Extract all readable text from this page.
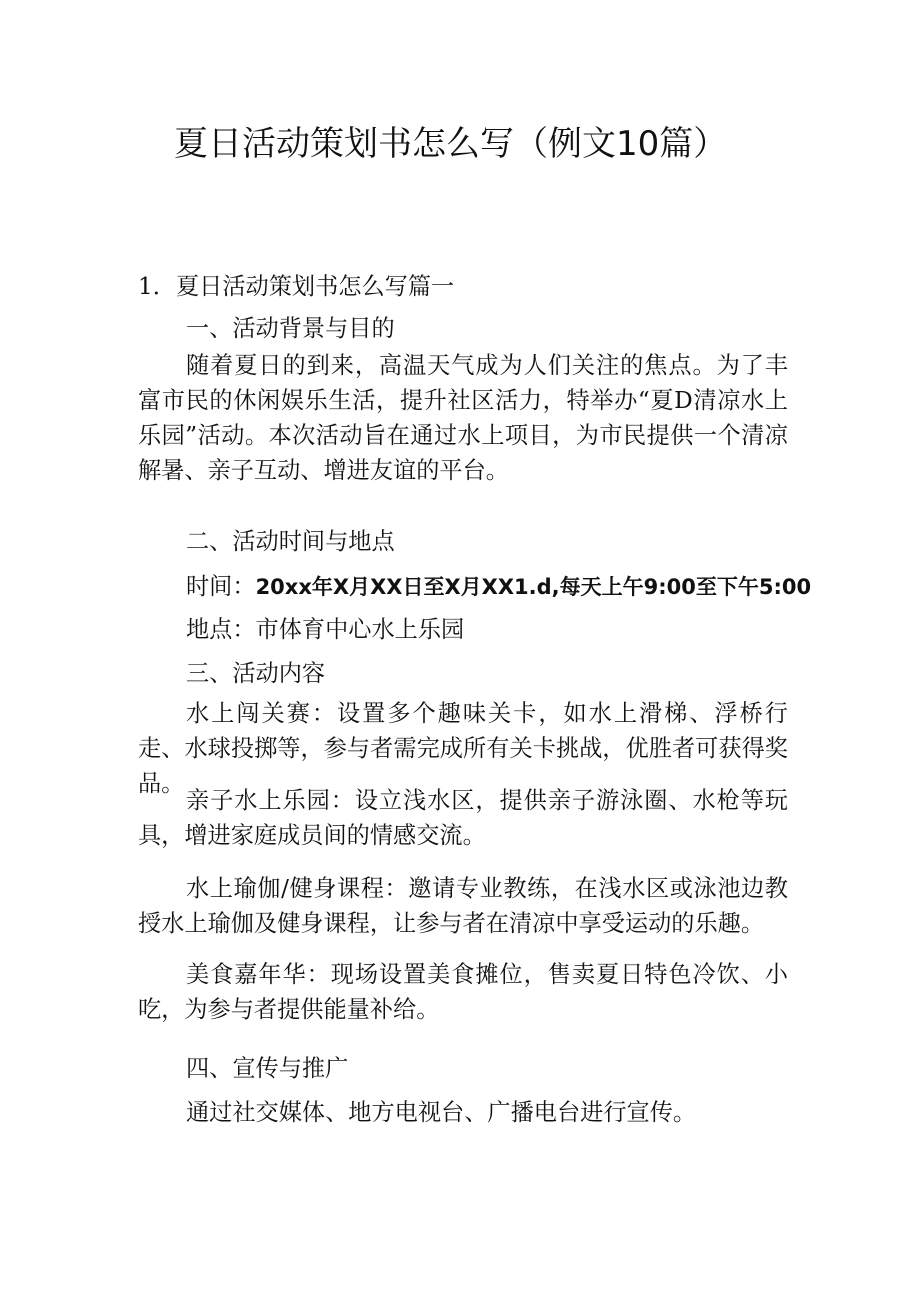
夏日活动策划书怎么写（例文10篇）
1．夏日活动策划书怎么写篇一
一、活动背景与目的
随着夏日的到来，高温天气成为人们关注的焦点。为了丰富市民的休闲娱乐生活，提升社区活力，特举办“夏D清凉水上乐园”活动。本次活动旨在通过水上项目，为市民提供一个清凉解暑、亲子互动、增进友谊的平台。
二、活动时间与地点
时间：20xx年X月XX日至X月XX1.d,每天上午9:00至下午5:00
地点：市体育中心水上乐园
三、活动内容
水上闯关赛：设置多个趣味关卡，如水上滑梯、浮桥行走、水球投掷等，参与者需完成所有关卡挑战，优胜者可获得奖品。
亲子水上乐园：设立浅水区，提供亲子游泳圈、水枪等玩具，增进家庭成员间的情感交流。
水上瑜伽/健身课程：邀请专业教练，在浅水区或泳池边教授水上瑜伽及健身课程，让参与者在清凉中享受运动的乐趣。
美食嘉年华：现场设置美食摊位，售卖夏日特色冷饮、小吃，为参与者提供能量补给。
四、宣传与推广
通过社交媒体、地方电视台、广播电台进行宣传。
